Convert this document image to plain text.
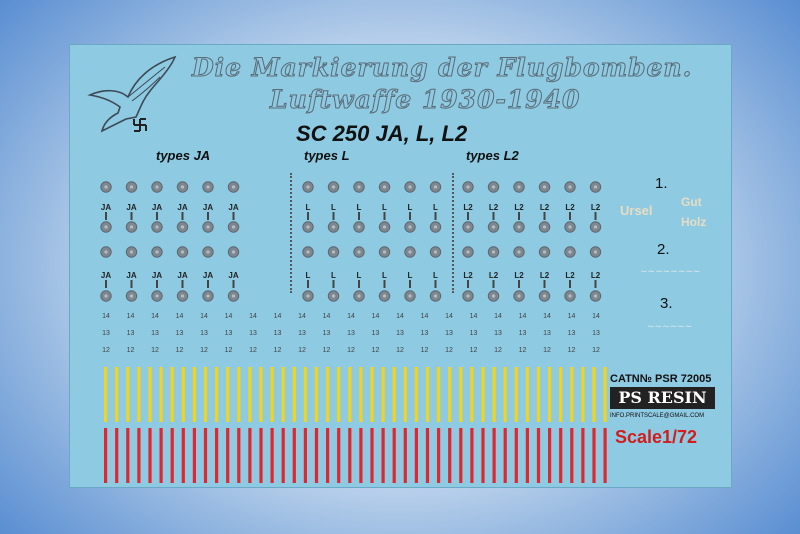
Die Markierung der Flugbomben.
Luftwaffe 1930-1940
SC 250 JA, L, L2
types JA	types L	types L2
JA
JA
JA
JA
JA
JA
JA
JA
JA
JA
JA
JA
L
L
L
L
L
L
L
L
L
L
L
L
L2
L2
L2
L2
L2
L2
L2
L2
L2
L2
L2
L2
14 14 14 14 14 14 14 14 14 14 14 14 14 14 14 14 14 14 14 14 14
13 13 13 13 13 13 13 13 13 13 13 13 13 13 13 13 13 13 13 13 13
12 12 12 12 12 12 12 12 12 12 12 12 12 12 12 12 12 12 12 12 12
1.
2.
3.
Ursel
Gut
Holz
~~~~~~~~
~~~~~~
CATN№ PSR 72005
PS RESIN
INFO.PRINTSCALE@GMAIL.COM
Scale1/72
